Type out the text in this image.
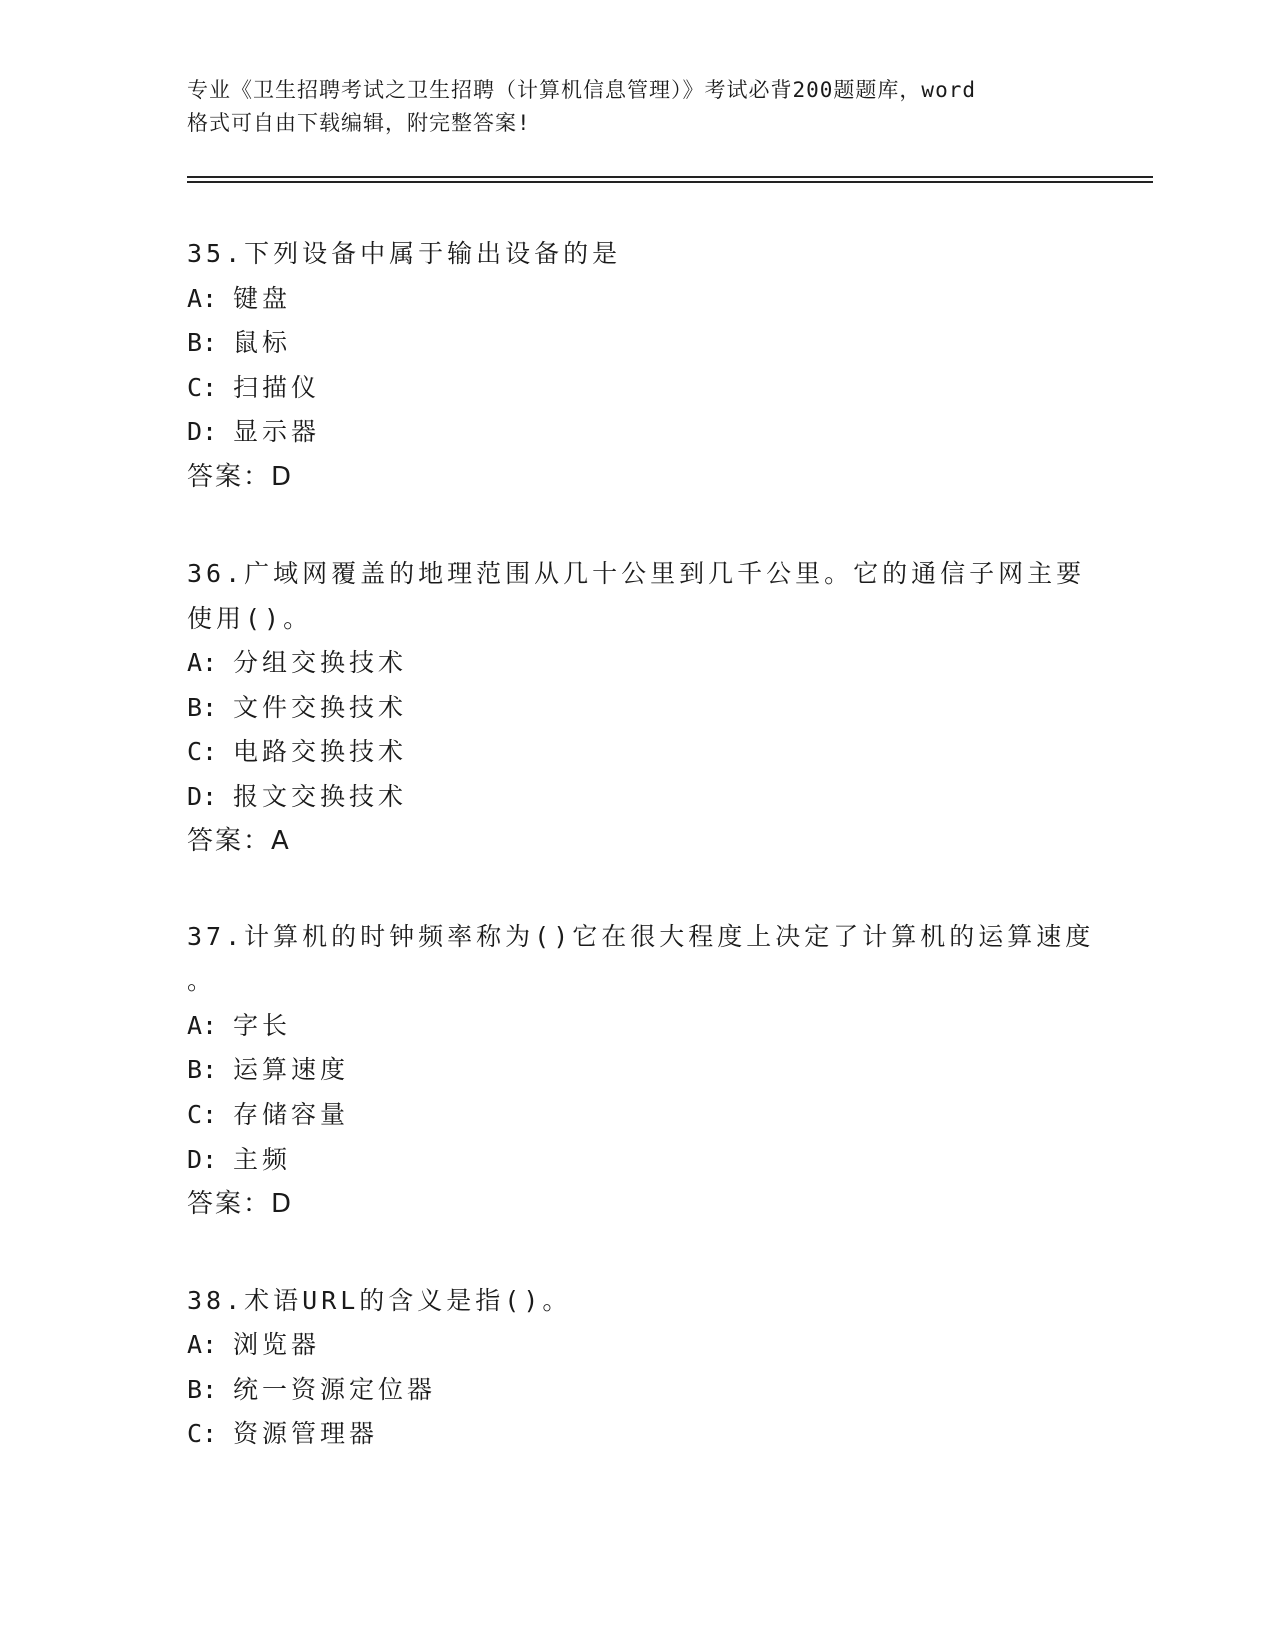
专业《卫生招聘考试之卫生招聘（计算机信息管理）》考试必背200题题库，word
格式可自由下载编辑，附完整答案!
35.下列设备中属于输出设备的是
A: 键盘
B: 鼠标
C: 扫描仪
D: 显示器
答案：D
36.广域网覆盖的地理范围从几十公里到几千公里。它的通信子网主要
使用()。
A: 分组交换技术
B: 文件交换技术
C: 电路交换技术
D: 报文交换技术
答案：A
37.计算机的时钟频率称为()它在很大程度上决定了计算机的运算速度
。
A: 字长
B: 运算速度
C: 存储容量
D: 主频
答案：D
38.术语URL的含义是指()。
A: 浏览器
B: 统一资源定位器
C: 资源管理器
